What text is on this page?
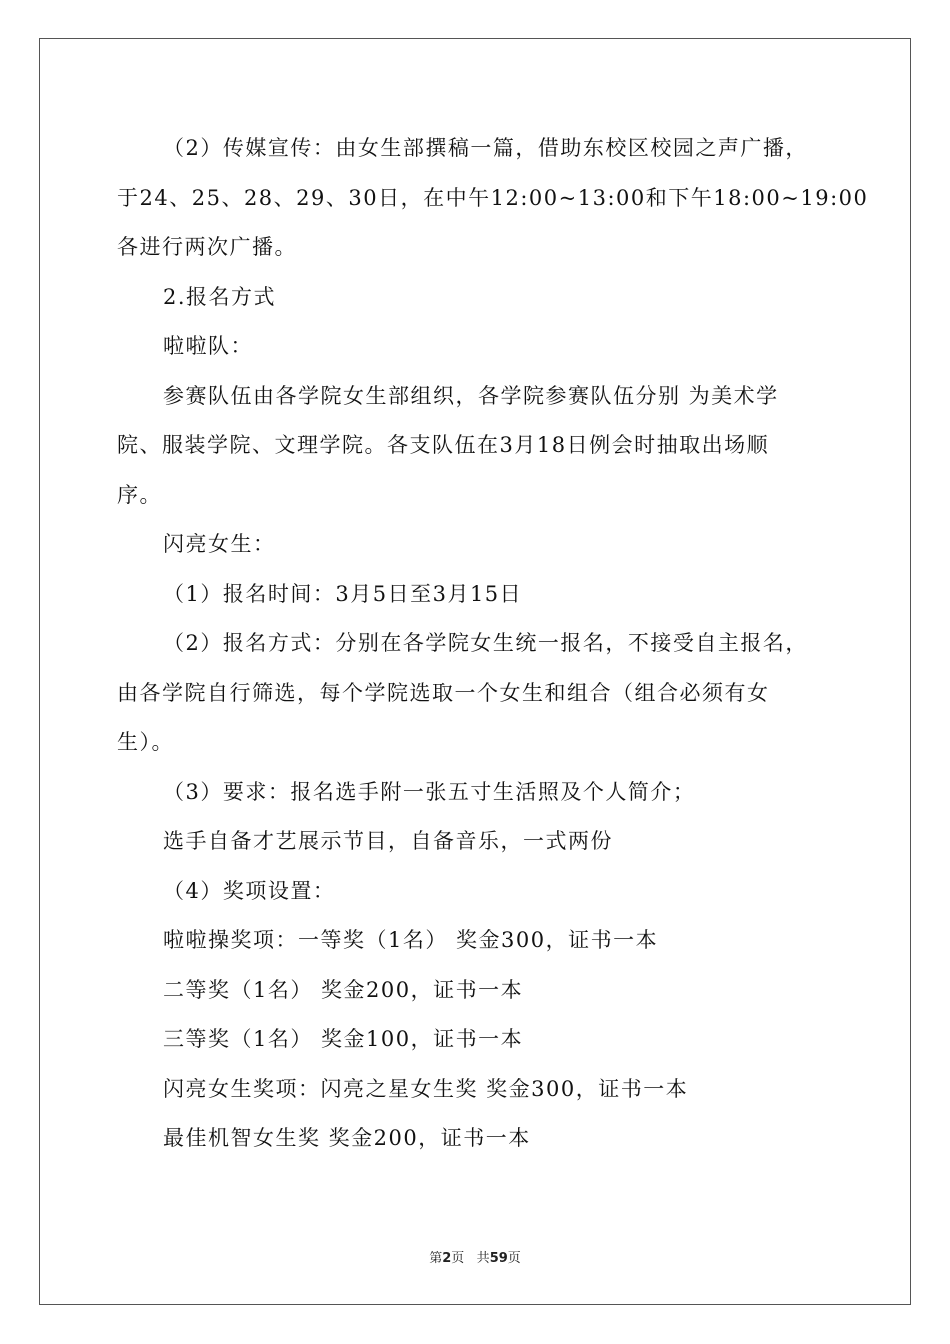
（2）传媒宣传：由女生部撰稿一篇，借助东校区校园之声广播，
于24、25、28、29、30日，在中午12:00~13:00和下午18:00~19:00
各进行两次广播。
2.报名方式
啦啦队：
参赛队伍由各学院女生部组织，各学院参赛队伍分别 为美术学
院、服装学院、文理学院。各支队伍在3月18日例会时抽取出场顺
序。
闪亮女生：
（1）报名时间：3月5日至3月15日
（2）报名方式：分别在各学院女生统一报名，不接受自主报名，
由各学院自行筛选，每个学院选取一个女生和组合（组合必须有女
生）。
（3）要求：报名选手附一张五寸生活照及个人简介；
选手自备才艺展示节目，自备音乐，一式两份
（4）奖项设置：
啦啦操奖项：一等奖（1名） 奖金300，证书一本
二等奖（1名） 奖金200，证书一本
三等奖（1名） 奖金100，证书一本
闪亮女生奖项：闪亮之星女生奖 奖金300，证书一本
最佳机智女生奖 奖金200，证书一本
第2页 共59页
